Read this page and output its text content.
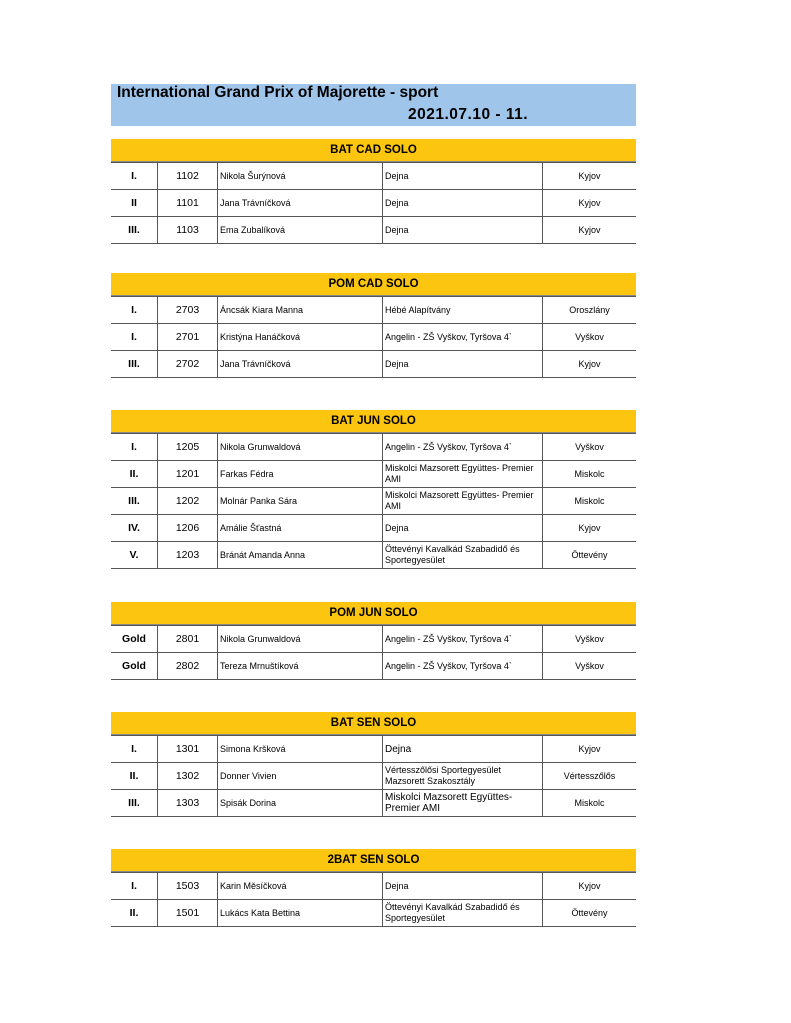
International Grand Prix of Majorette - sport
2021.07.10 - 11.
BAT CAD SOLO
I.	1102	Nikola Šurýnová	Dejna	Kyjov
II	1101	Jana Trávníčková	Dejna	Kyjov
III.	1103	Ema Zubalíková	Dejna	Kyjov
POM CAD SOLO
I.	2703	Áncsák Kiara Manna	Hébé Alapítvány	Oroszlány
I.	2701	Kristýna Hanáčková	Angelin - ZŠ Vyškov, Tyršova 4`	Vyškov
III.	2702	Jana Trávníčková	Dejna	Kyjov
BAT JUN SOLO
I.	1205	Nikola Grunwaldová	Angelin - ZŠ Vyškov, Tyršova 4`	Vyškov
II.	1201	Farkas Fédra	Miskolci Mazsorett Együttes- Premier AMI	Miskolc
III.	1202	Molnár Panka Sára	Miskolci Mazsorett Együttes- Premier AMI	Miskolc
IV.	1206	Amálie Šťastná	Dejna	Kyjov
V.	1203	Bránát Amanda Anna	Öttevényi Kavalkád Szabadidő és Sportegyesület	Öttevény
POM JUN SOLO
Gold	2801	Nikola Grunwaldová	Angelin - ZŠ Vyškov, Tyršova 4`	Vyškov
Gold	2802	Tereza Mrnuštíková	Angelin - ZŠ Vyškov, Tyršova 4`	Vyškov
BAT SEN SOLO
I.	1301	Simona Kršková	Dejna	Kyjov
II.	1302	Donner Vivien	Vértesszőlősi Sportegyesület Mazsorett Szakosztály	Vértesszőlős
III.	1303	Spisák Dorina	Miskolci Mazsorett Együttes- Premier AMI	Miskolc
2BAT SEN SOLO
I.	1503	Karin Měsíčková	Dejna	Kyjov
II.	1501	Lukács Kata Bettina	Öttevényi Kavalkád Szabadidő és Sportegyesület	Öttevény
